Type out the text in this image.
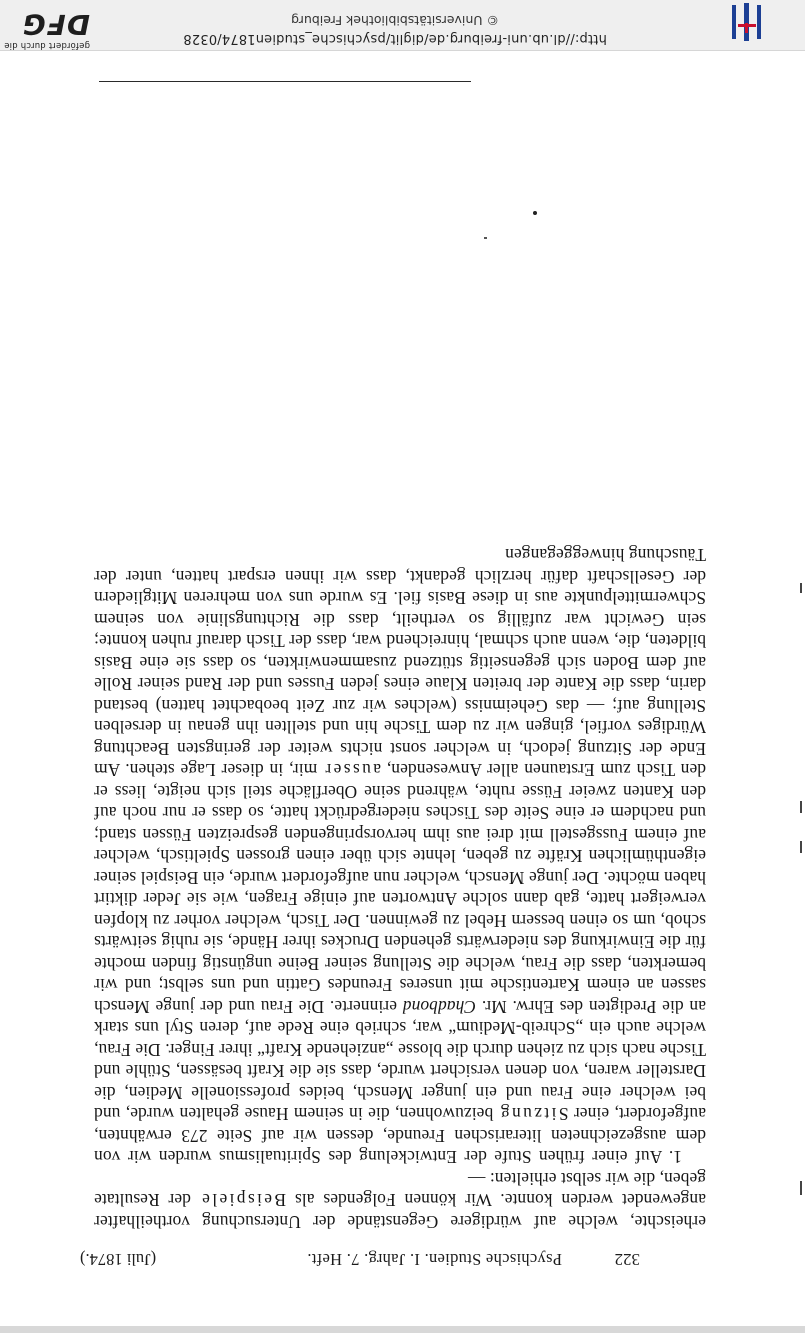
http://dl.ub.uni-freiburg.de/diglit/psychische_studien1874/0328
© Universitätsbibliothek Freiburg
gefördert durch die
DFG
322
Psychische Studien. I. Jahrg. 7. Heft.
(Juli 1874.)

erheischte, welche auf würdigere Gegenstände der Untersuchung vortheilhafter angewendet werden konnte. Wir können Folgendes als Beispiele der Resultate geben, die wir selbst erhielten: —

1. Auf einer frühen Stufe der Entwickelung des Spiritualismus wurden wir von dem ausgezeichneten literarischen Freunde, dessen wir auf Seite 273 erwähnten, aufgefordert, einer Sitzung beizuwohnen, die in seinem Hause gehalten wurde, und bei welcher eine Frau und ein junger Mensch, beides professionelle Medien, die Darsteller waren, von denen versichert wurde, dass sie die Kraft besässen, Stühle und Tische nach sich zu ziehen durch die blosse „anziehende Kraft“ ihrer Finger. Die Frau, welche auch ein „Schreib-Medium“ war, schrieb eine Rede auf, deren Styl uns stark an die Predigten des Ehrw. Mr. Chadbond erinnerte. Die Frau und der junge Mensch sassen an einem Kartentische mit unseres Freundes Gattin und uns selbst; und wir bemerkten, dass die Frau, welche die Stellung seiner Beine ungünstig finden mochte für die Einwirkung des niederwärts gehenden Druckes ihrer Hände, sie ruhig seitwärts schob, um so einen bessern Hebel zu gewinnen. Der Tisch, welcher vorher zu klopfen verweigert hatte, gab dann solche Antworten auf einige Fragen, wie sie Jeder diktirt haben möchte. Der junge Mensch, welcher nun aufgefordert wurde, ein Beispiel seiner eigenthümlichen Kräfte zu geben, lehnte sich über einen grossen Spieltisch, welcher auf einem Fussgestell mit drei aus ihm hervorspringenden gespreizten Füssen stand; und nachdem er eine Seite des Tisches niedergedrückt hatte, so dass er nur noch auf den Kanten zweier Füsse ruhte, während seine Oberfläche steil sich neigte, liess er den Tisch zum Erstaunen aller Anwesenden, ausser mir, in dieser Lage stehen. Am Ende der Sitzung jedoch, in welcher sonst nichts weiter der geringsten Beachtung Würdiges vorfiel, gingen wir zu dem Tische hin und stellten ihn genau in derselben Stellung auf; — das Geheimniss (welches wir zur Zeit beobachtet hatten) bestand darin, dass die Kante der breiten Klaue eines jeden Fusses und der Rand seiner Rolle auf dem Boden sich gegenseitig stützend zusammenwirkten, so dass sie eine Basis bildeten, die, wenn auch schmal, hinreichend war, dass der Tisch darauf ruhen konnte; sein Gewicht war zufällig so vertheilt, dass die Richtungslinie von seinem Schwermittelpunkte aus in diese Basis fiel. Es wurde uns von mehreren Mitgliedern der Gesellschaft dafür herzlich gedankt, dass wir ihnen erspart hatten, unter der Täuschung hinweggegangen
